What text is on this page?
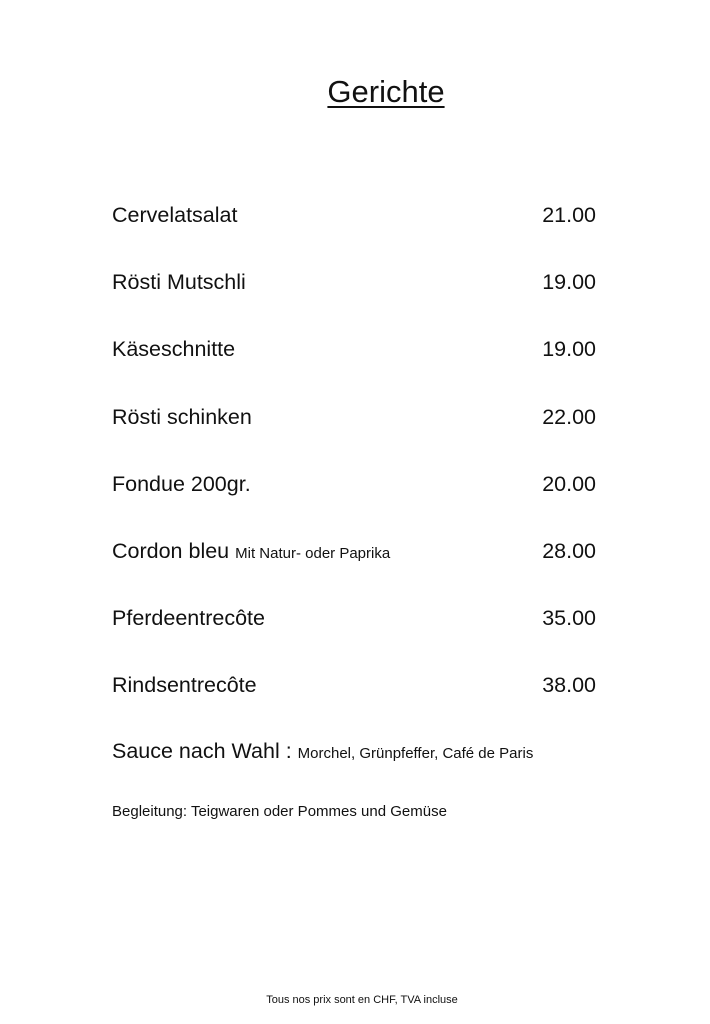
Gerichte
Cervelatsalat	21.00
Rösti Mutschli	19.00
Käseschnitte	19.00
Rösti schinken	22.00
Fondue 200gr.	20.00
Cordon bleu Mit Natur- oder Paprika	28.00
Pferdeentrecôte	35.00
Rindsentrecôte	38.00
Sauce nach Wahl : Morchel, Grünpfeffer, Café de Paris
Begleitung: Teigwaren oder Pommes und Gemüse
Tous nos prix sont en CHF, TVA incluse
